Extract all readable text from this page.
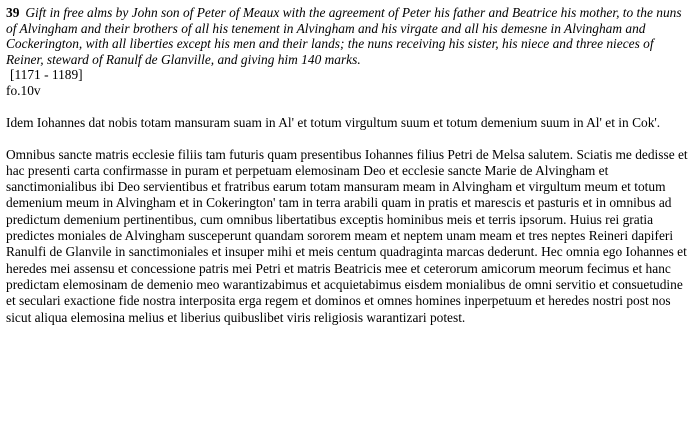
39 Gift in free alms by John son of Peter of Meaux with the agreement of Peter his father and Beatrice his mother, to the nuns of Alvingham and their brothers of all his tenement in Alvingham and his virgate and all his demesne in Alvingham and Cockerington, with all liberties except his men and their lands; the nuns receiving his sister, his niece and three nieces of Reiner, steward of Ranulf de Glanville, and giving him 140 marks.

[1171 - 1189]

fo.10v

Idem Iohannes dat nobis totam mansuram suam in Al' et totum virgultum suum et totum demenium suum in Al' et in Cok'.

Omnibus sancte matris ecclesie filiis tam futuris quam presentibus Iohannes filius Petri de Melsa salutem. Sciatis me dedisse et hac presenti carta confirmasse in puram et perpetuam elemosinam Deo et ecclesie sancte Marie de Alvingham et sanctimonialibus ibi Deo servientibus et fratribus earum totam mansuram meam in Alvingham et virgultum meum et totum demenium meum in Alvingham et in Cokerington' tam in terra arabili quam in pratis et marescis et pasturis et in omnibus ad predictum demenium pertinentibus, cum omnibus libertatibus exceptis hominibus meis et terris ipsorum. Huius rei gratia predictes moniales de Alvingham susceperunt quandam sororem meam et neptem unam meam et tres neptes Reineri dapiferi Ranulfi de Glanvile in sanctimoniales et insuper mihi et meis centum quadraginta marcas dederunt. Hec omnia ego Iohannes et heredes mei assensu et concessione patris mei Petri et matris Beatricis mee et ceterorum amicorum meorum fecimus et hanc predictam elemosinam de demenio meo warantizabimus et acquietabimus eisdem monialibus de omni servitio et consuetudine et seculari exactione fide nostra interposita erga regem et dominos et omnes homines inperpetuum et heredes nostri post nos sicut aliqua elemosina melius et liberius quibuslibet viris religiosis warantizari potest.
